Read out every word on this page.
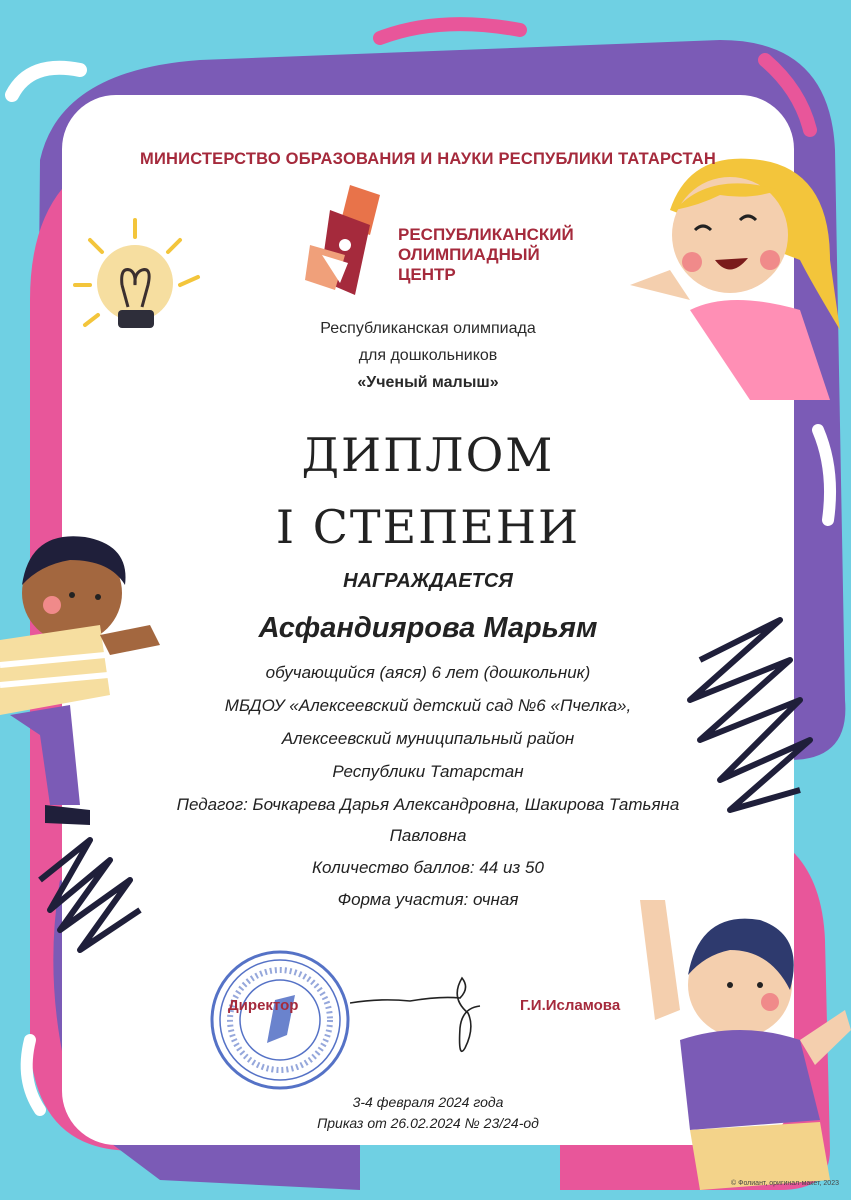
МИНИСТЕРСТВО ОБРАЗОВАНИЯ И НАУКИ РЕСПУБЛИКИ ТАТАРСТАН
РЕСПУБЛИКАНСКИЙ
ОЛИМПИАДНЫЙ
ЦЕНТР
Республиканская олимпиада
для дошкольников
«Ученый малыш»
ДИПЛОМ
I СТЕПЕНИ
НАГРАЖДАЕТСЯ
Асфандиярова Марьям
обучающийся (аяся) 6 лет (дошкольник)
МБДОУ «Алексеевский детский сад №6 «Пчелка»,
Алексеевский муниципальный район
Республики Татарстан
Педагог: Бочкарева Дарья Александровна, Шакирова Татьяна
Павловна
Количество баллов: 44 из 50
Форма участия: очная
Директор	Г.И.Исламова
3-4 февраля 2024 года
Приказ от 26.02.2024 № 23/24-од
© Фолиант, оригинал-макет, 2023
